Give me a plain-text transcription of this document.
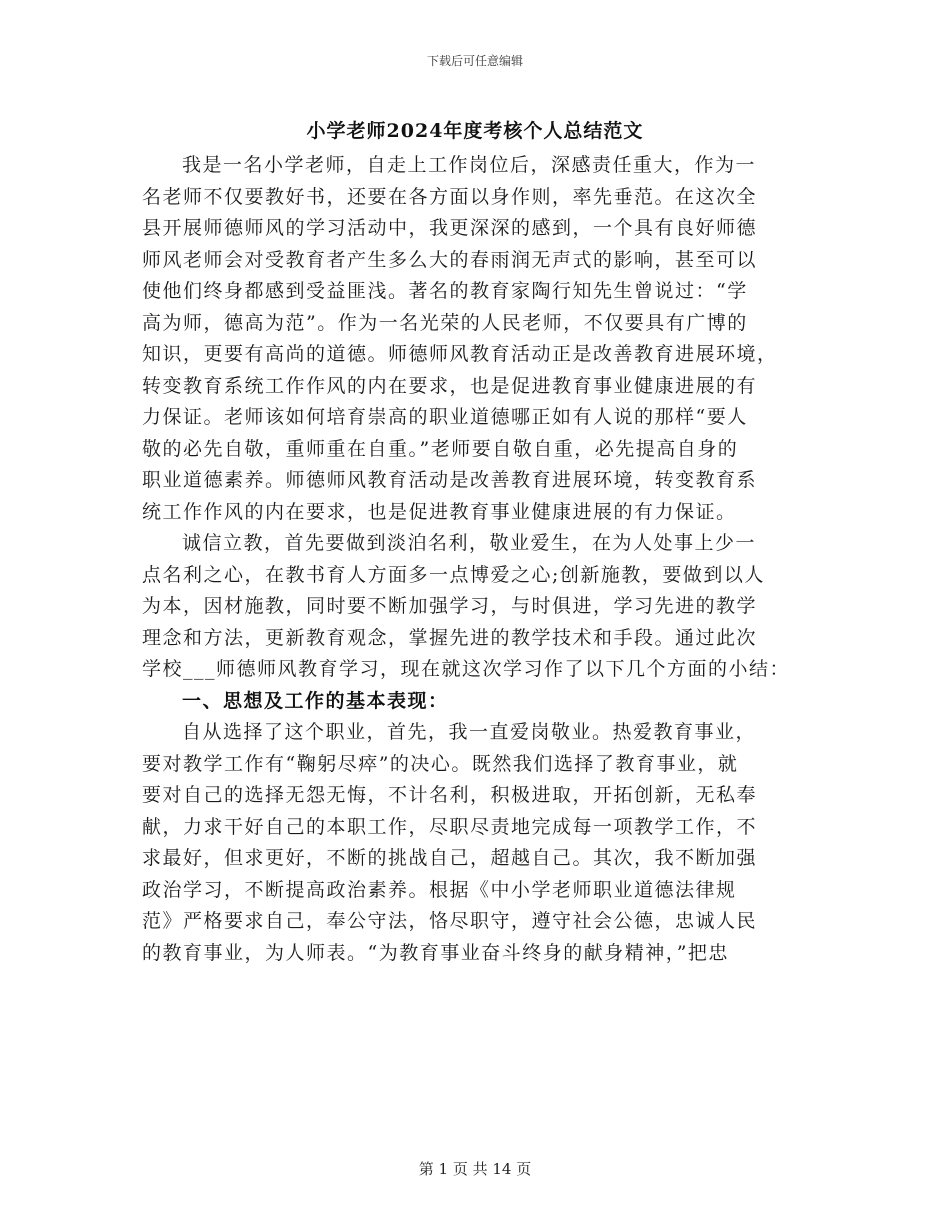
下载后可任意编辑
小学老师2024年度考核个人总结范文
我是一名小学老师，自走上工作岗位后，深感责任重大，作为一
名老师不仅要教好书，还要在各方面以身作则，率先垂范。在这次全
县开展师德师风的学习活动中，我更深深的感到，一个具有良好师德
师风老师会对受教育者产生多么大的春雨润无声式的影响，甚至可以
使他们终身都感到受益匪浅。著名的教育家陶行知先生曾说过：“学
高为师，德高为范”。作为一名光荣的人民老师，不仅要具有广博的
知识，更要有高尚的道德。师德师风教育活动正是改善教育进展环境，
转变教育系统工作作风的内在要求，也是促进教育事业健康进展的有
力保证。老师该如何培育崇高的职业道德哪正如有人说的那样“要人
敬的必先自敬，重师重在自重。”老师要自敬自重，必先提高自身的
职业道德素养。师德师风教育活动是改善教育进展环境，转变教育系
统工作作风的内在要求，也是促进教育事业健康进展的有力保证。
诚信立教，首先要做到淡泊名利，敬业爱生，在为人处事上少一
点名利之心，在教书育人方面多一点博爱之心;创新施教，要做到以人
为本，因材施教，同时要不断加强学习，与时俱进，学习先进的教学
理念和方法，更新教育观念，掌握先进的教学技术和手段。通过此次
学校___师德师风教育学习，现在就这次学习作了以下几个方面的小结：
一、思想及工作的基本表现：
自从选择了这个职业，首先，我一直爱岗敬业。热爱教育事业，
要对教学工作有“鞠躬尽瘁”的决心。既然我们选择了教育事业，就
要对自己的选择无怨无悔，不计名利，积极进取，开拓创新，无私奉
献，力求干好自己的本职工作，尽职尽责地完成每一项教学工作，不
求最好，但求更好，不断的挑战自己，超越自己。其次，我不断加强
政治学习，不断提高政治素养。根据《中小学老师职业道德法律规
范》严格要求自己，奉公守法，恪尽职守，遵守社会公德，忠诚人民
的教育事业，为人师表。“为教育事业奋斗终身的献身精神，”把忠
第 1 页 共 14 页
